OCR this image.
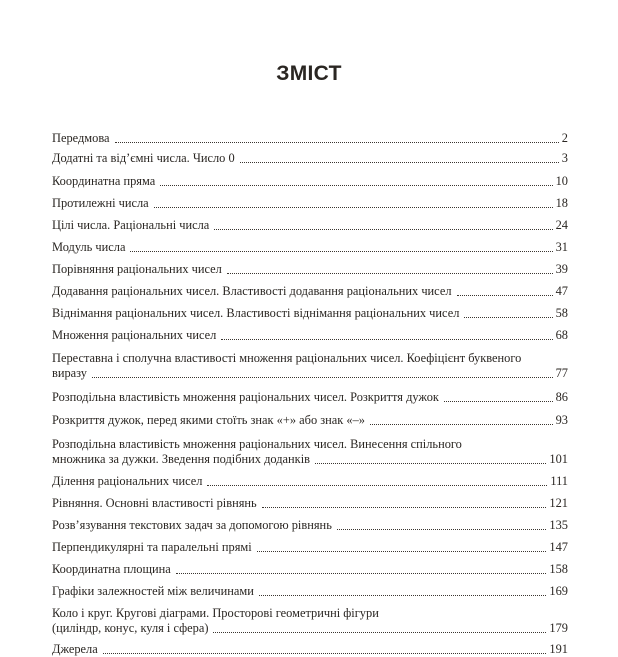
ЗМІСТ
Передмова	2
Додатні та від’ємні числа. Число 0	3
Координатна пряма	10
Протилежні числа	18
Цілі числа. Раціональні числа	24
Модуль числа	31
Порівняння раціональних чисел	39
Додавання раціональних чисел. Властивості додавання раціональних чисел	47
Віднімання раціональних чисел. Властивості віднімання раціональних чисел	58
Множення раціональних чисел	68
Переставна і сполучна властивості множення раціональних чисел. Коефіцієнт буквеного
виразу	77
Розподільна властивість множення раціональних чисел. Розкриття дужок	86
Розкриття дужок, перед якими стоїть знак «+» або знак «–»	93
Розподільна властивість множення раціональних чисел. Винесення спільного
множника за дужки. Зведення подібних доданків	101
Ділення раціональних чисел	111
Рівняння. Основні властивості рівнянь	121
Розв’язування текстових задач за допомогою рівнянь	135
Перпендикулярні та паралельні прямі	147
Координатна площина	158
Графіки залежностей між величинами	169
Коло і круг. Кругові діаграми. Просторові геометричні фігури
(циліндр, конус, куля і сфера)	179
Джерела	191
